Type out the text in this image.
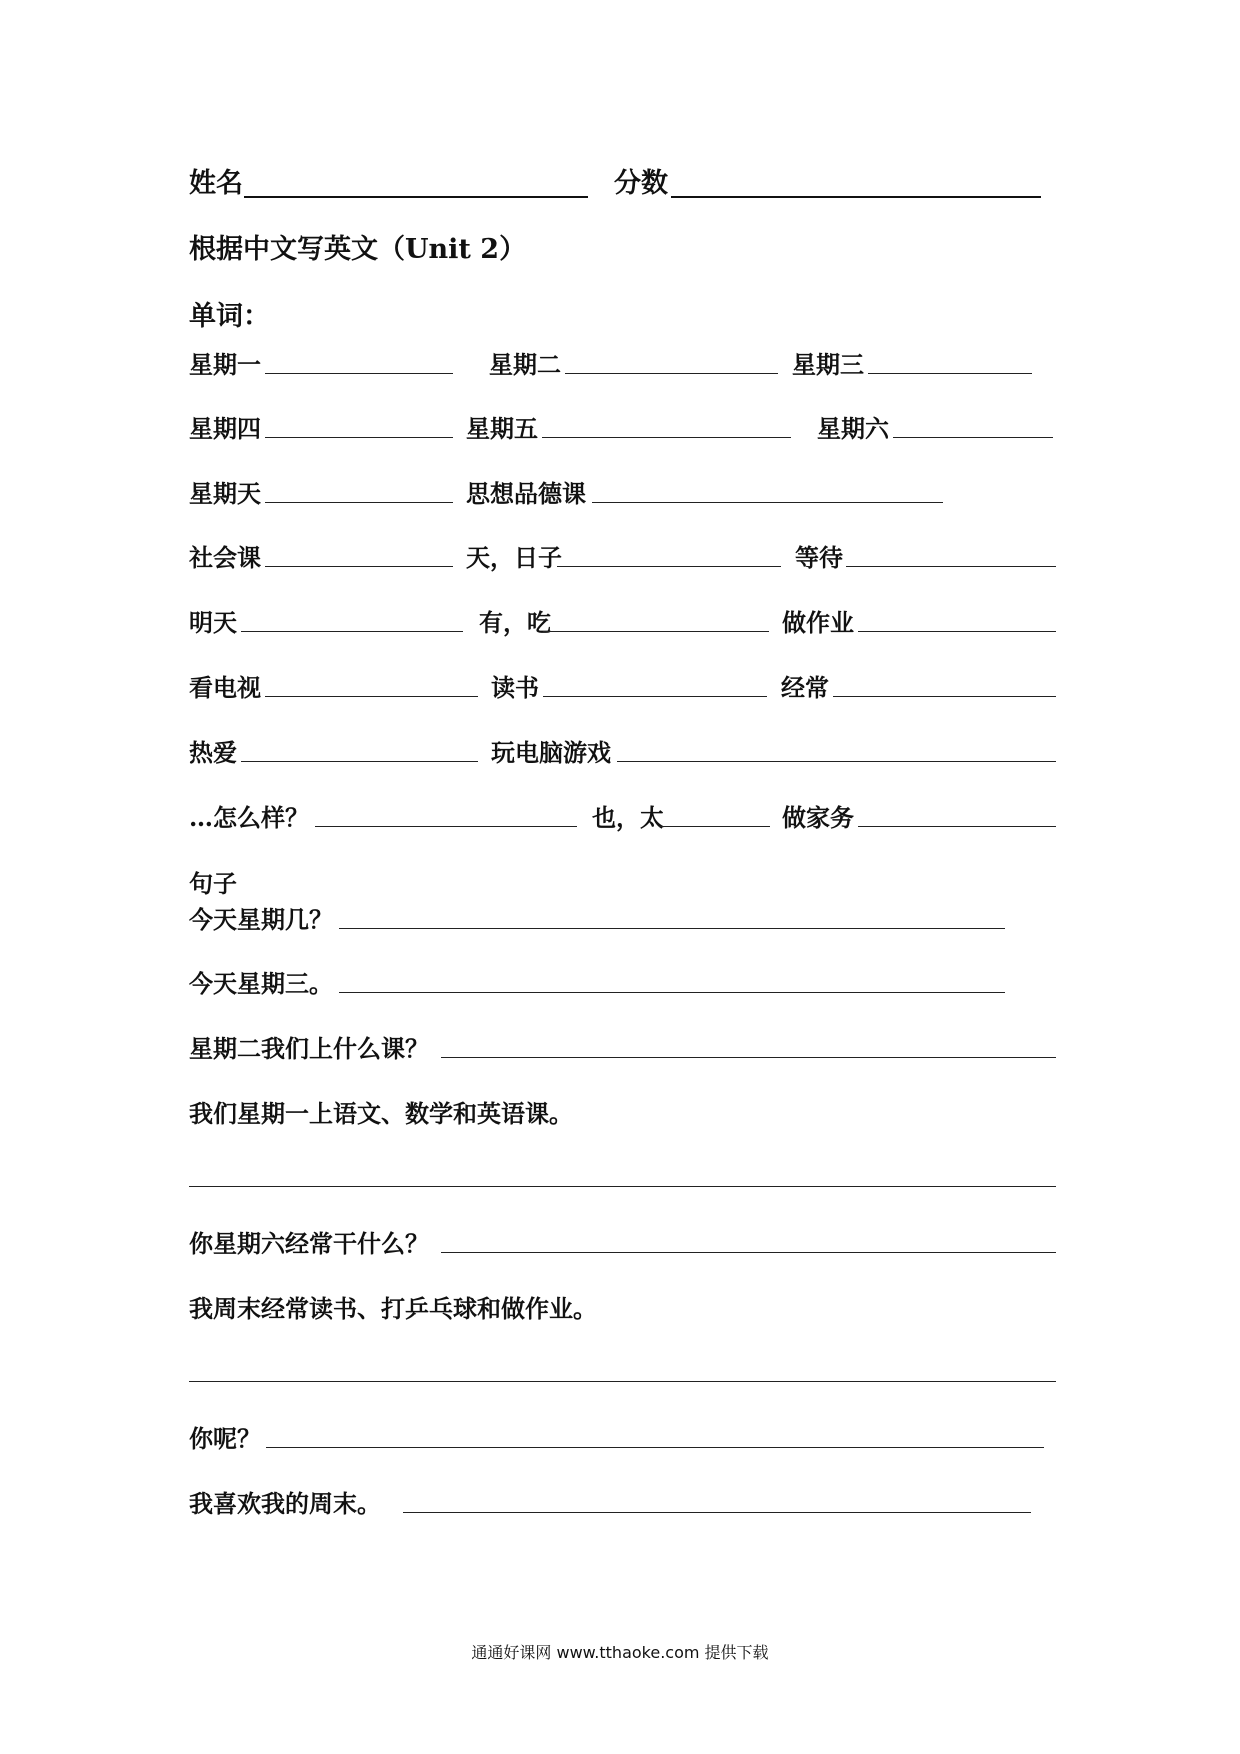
姓名	分数
根据中文写英文（Unit 2）
单词：
星期一	星期二	星期三
星期四	星期五	星期六
星期天	思想品德课
社会课	天，日子	等待
明天	有，吃	做作业
看电视	读书	经常
热爱	玩电脑游戏
…怎么样？	也，太	做家务
句子
今天星期几？
今天星期三。
星期二我们上什么课？
我们星期一上语文、数学和英语课。
你星期六经常干什么？
我周末经常读书、打乒乓球和做作业。
你呢？
我喜欢我的周末。
通通好课网 www.tthaoke.com 提供下载
